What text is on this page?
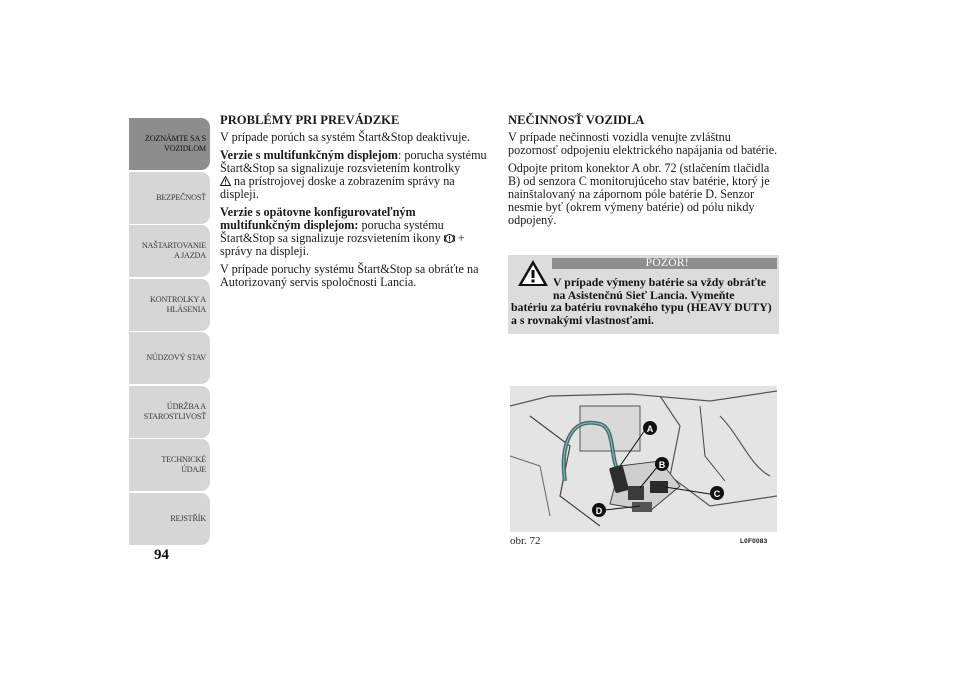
ZOZNÁMTE SA S
VOZIDLOM
BEZPEČNOSŤ
NAŠTARTOVANIE
A JAZDA
KONTROLKY A
HLÁSENIA
NÚDZOVÝ STAV
ÚDRŽBA A
STAROSTLIVOSŤ
TECHNICKÉ
ÚDAJE
REJSTŘÍK
94
PROBLÉMY PRI PREVÁDZKE

V prípade porúch sa systém Štart&Stop deaktivuje.

Verzie s multifunkčným displejom: porucha systému Štart&Stop sa signalizuje rozsvietením kontrolky
na prístrojovej doske a zobrazením správy na displeji.

Verzie s opätovne konfigurovateľným multifunkčným displejom: porucha systému Štart&Stop sa signalizuje rozsvietením ikony  + správy na displeji.

V prípade poruchy systému Štart&Stop sa obráťte na Autorizovaný servis spoločnosti Lancia.

NEČINNOSŤ VOZIDLA

V prípade nečinnosti vozidla venujte zvláštnu pozornosť odpojeniu elektrického napájania od batérie.

Odpojte pritom konektor A obr. 72 (stlačením tlačidla B) od senzora C monitorujúceho stav batérie, ktorý je nainštalovaný na zápornom póle batérie D. Senzor nesmie byť (okrem výmeny batérie) od pólu nikdy odpojený.

POZOR!
V prípade výmeny batérie sa vždy obráťte
na Asistenčnú Sieť Lancia. Vymeňte
batériu za batériu rovnakého typu (HEAVY DUTY) a s rovnakými vlastnosťami.
A
B
C
D
obr. 72	L0F0083
